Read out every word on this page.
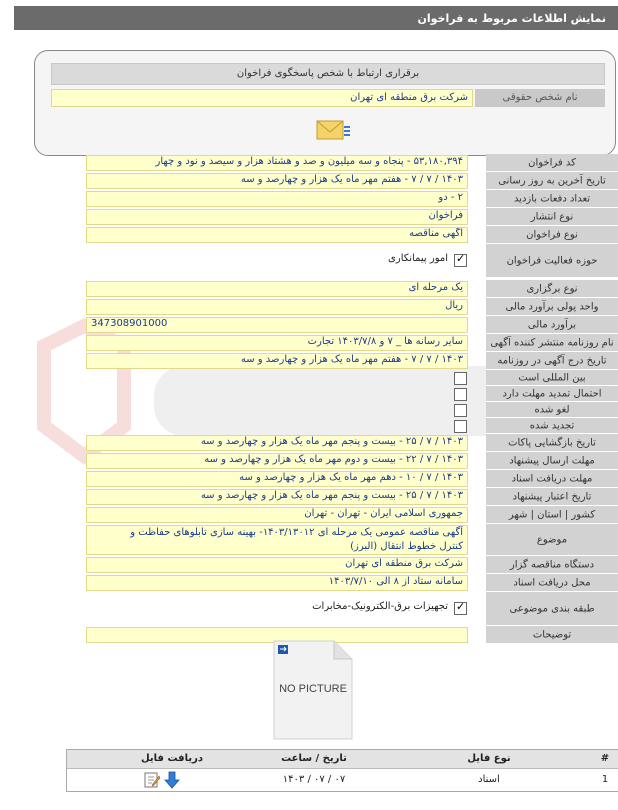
نمایش اطلاعات مربوط به فراخوان
برقراری ارتباط با شخص پاسخگوی فراخوان
نام شخص حقوقی
شرکت برق منطقه ای تهران
کد فراخوان
۵۳,۱۸۰,۳۹۴ - پنجاه و سه میلیون و صد و هشتاد هزار و سیصد و نود و چهار
تاریخ آخرین به روز رسانی
۱۴۰۳ / ۷ / ۷ - هفتم مهر ماه یک هزار و چهارصد و سه
تعداد دفعات بازدید
۲ - دو
نوع انتشار
فراخوان
نوع فراخوان
آگهی مناقصه
حوزه فعالیت فراخوان
✓
امور پیمانکاری
نوع برگزاری
یک مرحله ای
واحد پولی برآورد مالی
ریال
برآورد مالی
347308901000
نام روزنامه منتشر کننده آگهی
سایر رسانه ها _ ۷ و ۱۴۰۳/۷/۸ تجارت
تاریخ درج آگهی در روزنامه
۱۴۰۳ / ۷ / ۷ - هفتم مهر ماه یک هزار و چهارصد و سه
بین المللی است
احتمال تمدید مهلت دارد
لغو شده
تجدید شده
تاریخ بازگشایی پاکات
۱۴۰۳ / ۷ / ۲۵ - بیست و پنجم مهر ماه یک هزار و چهارصد و سه
مهلت ارسال پیشنهاد
۱۴۰۳ / ۷ / ۲۲ - بیست و دوم مهر ماه یک هزار و چهارصد و سه
مهلت دریافت اسناد
۱۴۰۳ / ۷ / ۱۰ - دهم مهر ماه یک هزار و چهارصد و سه
تاریخ اعتبار پیشنهاد
۱۴۰۳ / ۷ / ۲۵ - بیست و پنجم مهر ماه یک هزار و چهارصد و سه
کشور | استان | شهر
جمهوری اسلامی ایران - تهران - تهران
موضوع
آگهی مناقصه عمومی یک مرحله ای ۱۴۰۳/۱۳۰۱۲- بهینه سازی تابلوهای حفاظت و
کنترل خطوط انتقال (البرز)
دستگاه مناقصه گزار
شرکت برق منطقه ای تهران
محل دریافت اسناد
سامانه ستاد از ۸ الی ۱۴۰۳/۷/۱۰
طبقه بندی موضوعی
✓
تجهیزات برق-الکترونیک-مخابرات
توضیحات
NO PICTURE
#
نوع فایل
تاریخ / ساعت
دریافت فایل
1
اسناد
۱۴۰۳ / ۰۷ / ۰۷
